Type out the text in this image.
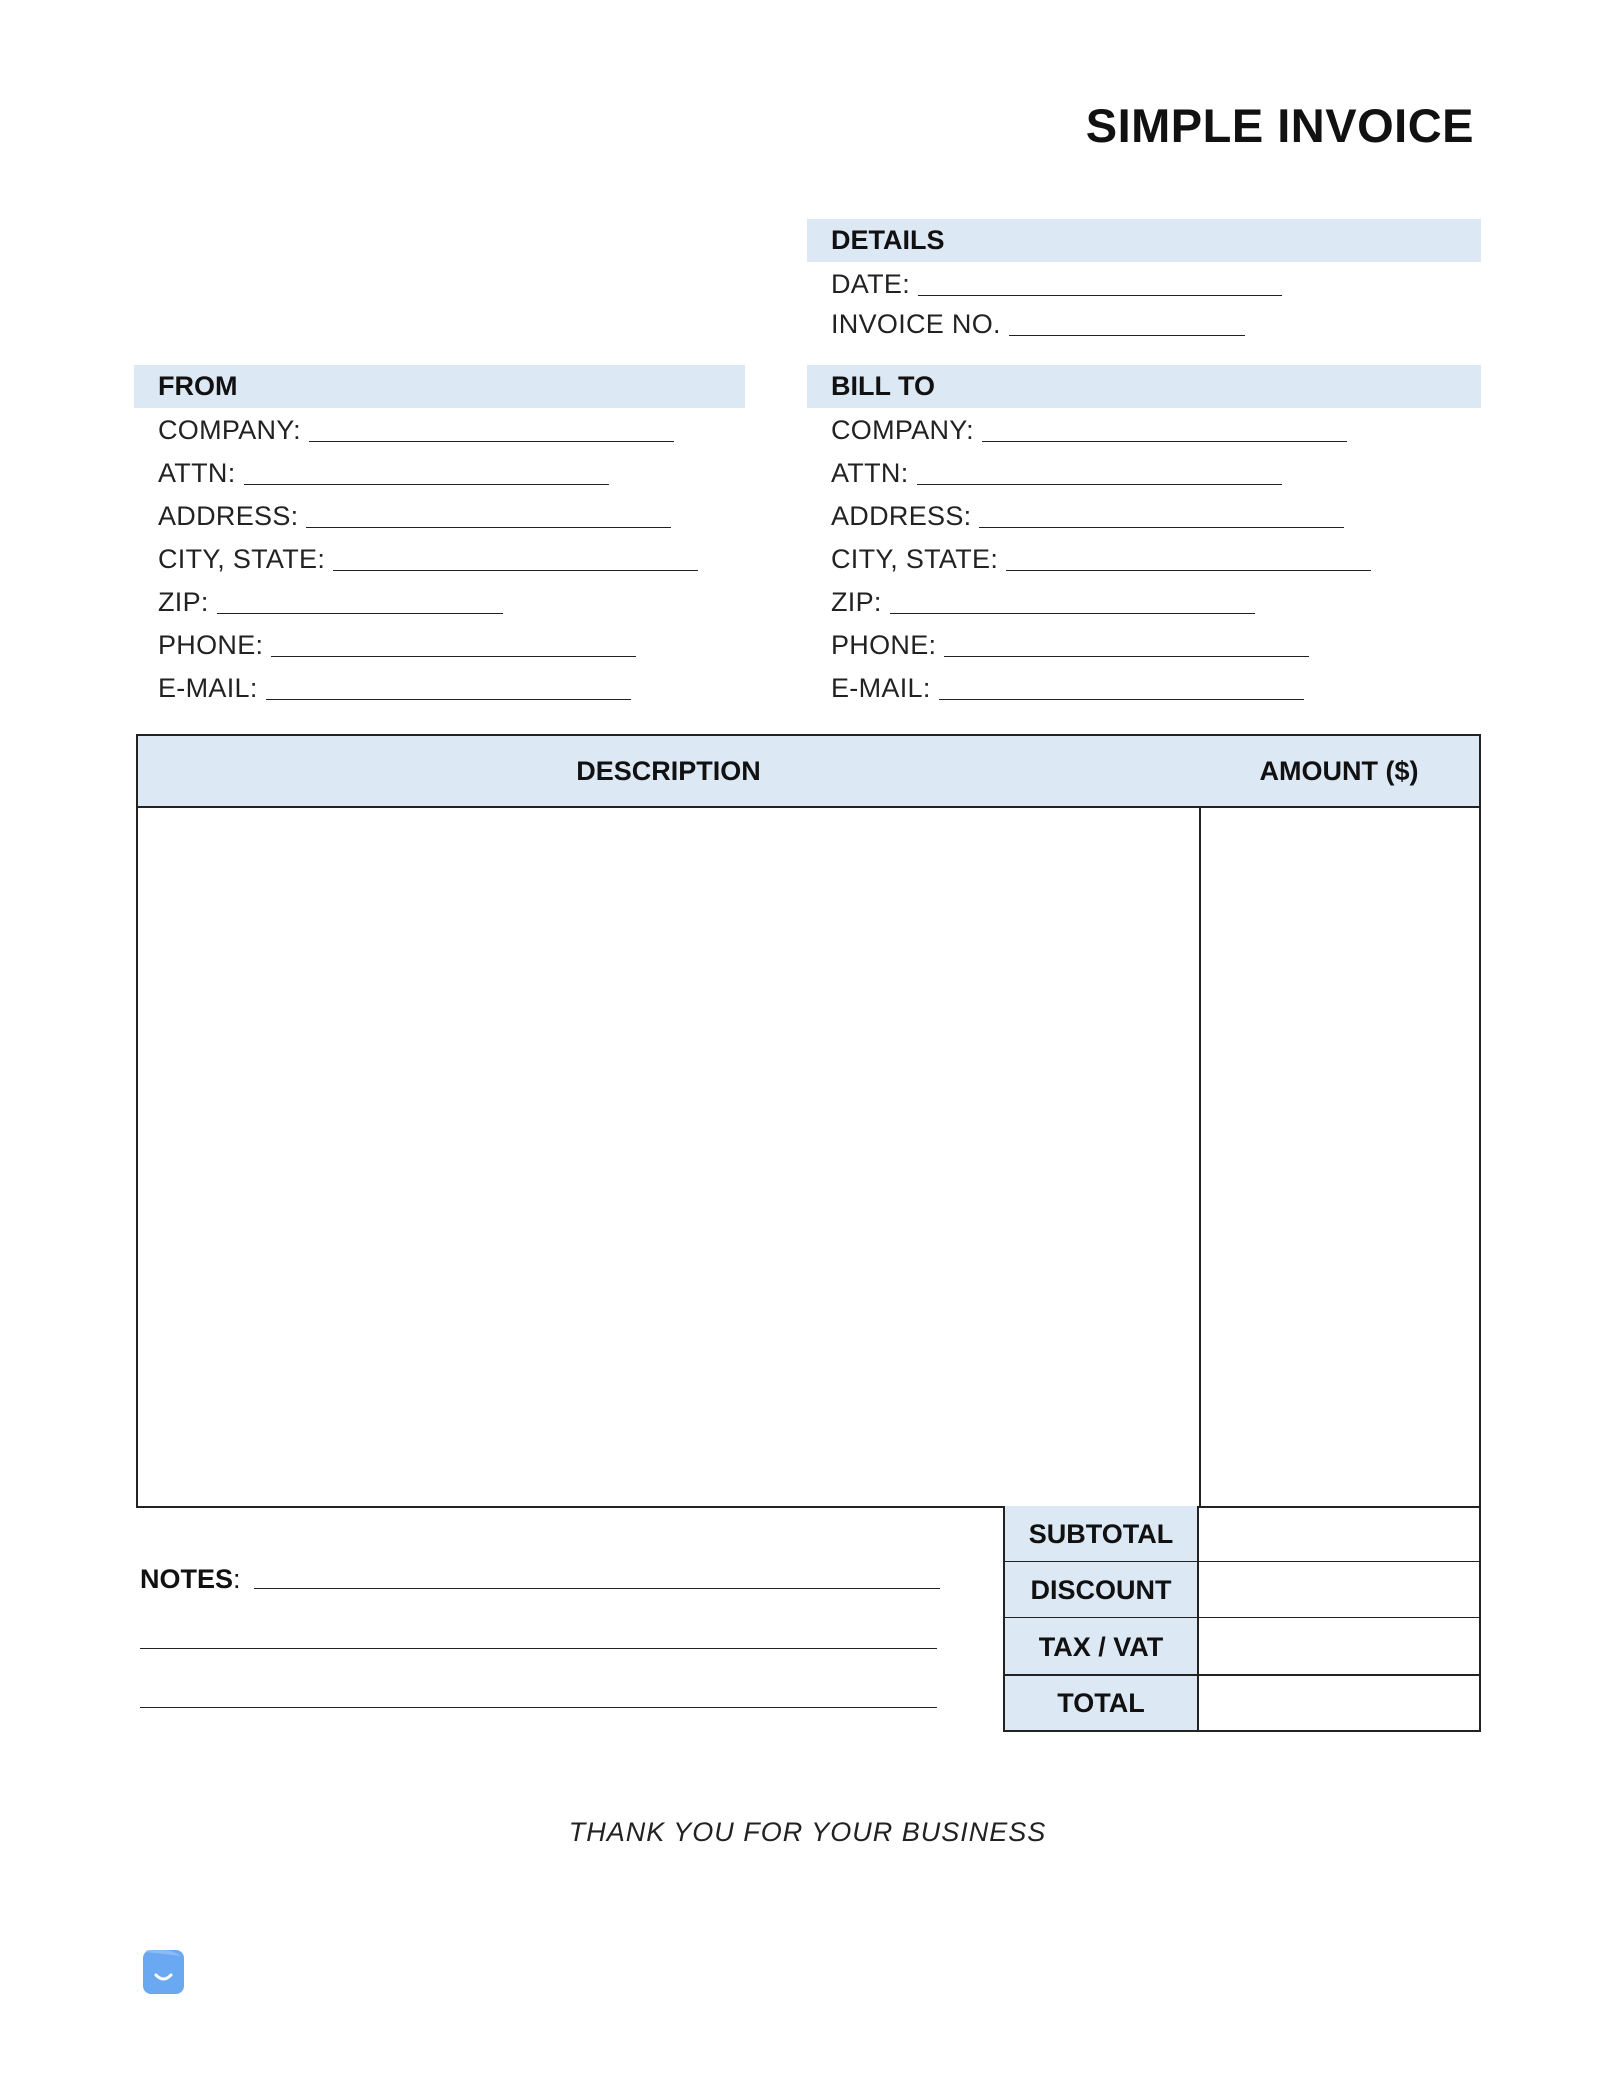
SIMPLE INVOICE
DETAILS
DATE:
INVOICE NO.
FROM
COMPANY:
ATTN:
ADDRESS:
CITY, STATE:
ZIP:
PHONE:
E-MAIL:
BILL TO
COMPANY:
ATTN:
ADDRESS:
CITY, STATE:
ZIP:
PHONE:
E-MAIL:
DESCRIPTION	AMOUNT ($)
SUBTOTAL
DISCOUNT
TAX / VAT
TOTAL
NOTES:
THANK YOU FOR YOUR BUSINESS
